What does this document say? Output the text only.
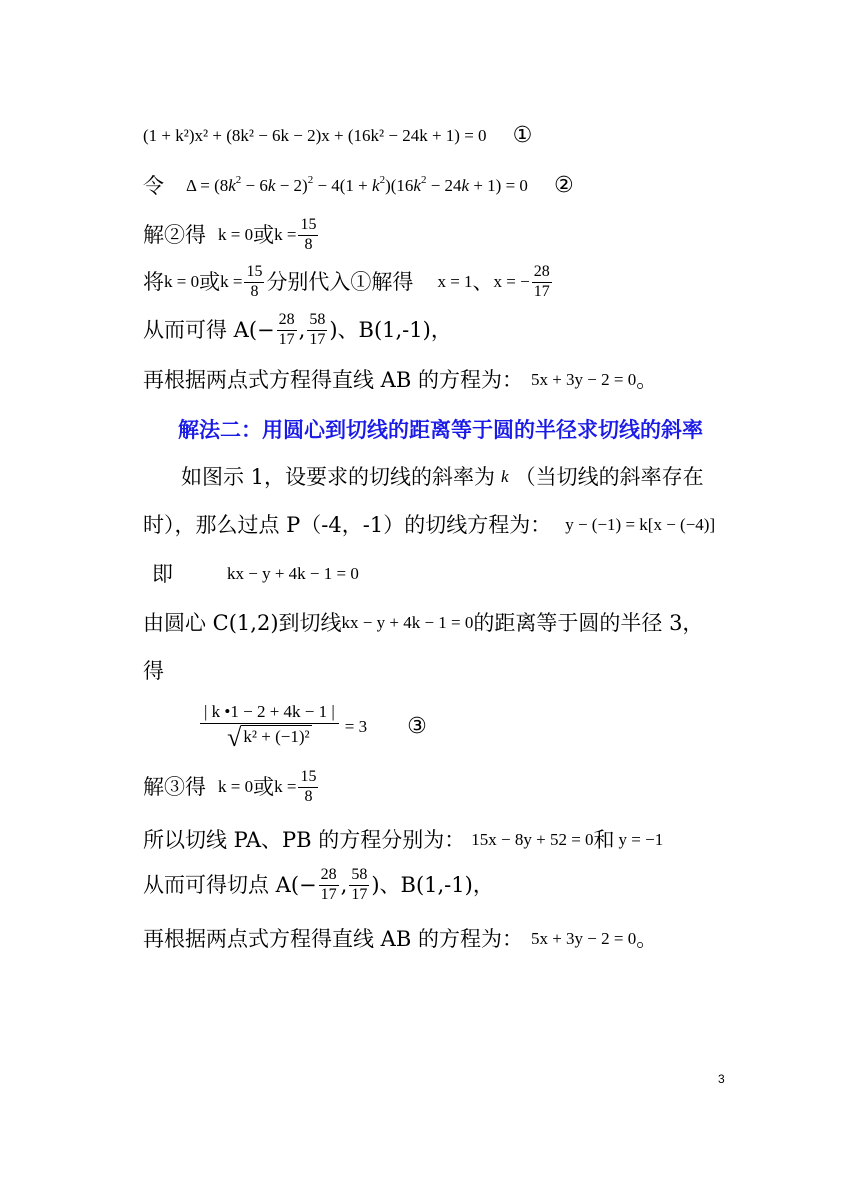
(1 + k²)x² + (8k² − 6k − 2)x + (16k² − 24k + 1) = 0 ①
令 $\Delta = (8k^2 - 6k - 2)^2 - 4(1 + k^2)(16k^2 - 24k + 1) = 0$ ②
解②得 k = 0 或 $k = \frac{15}{8}$
将 k = 0 或 $k = \frac{15}{8}$ 分别代入①解得 x = 1 、 x = − $\frac{28}{17}$
从而可得 $A(- \frac{28}{17}$ , $\frac{58}{17}$ )、B(1,-1)，
再根据两点式方程得直线 AB 的方程为： 5x + 3y − 2 = 0 。
解法二：用圆心到切线的距离等于圆的半径求切线的斜率
如图示 1，设要求的切线的斜率为 k （当切线的斜率存在
时），那么过点 P（-4，-1）的切线方程为： y − (−1) = k[x − (−4)]
即	kx − y + 4k − 1 = 0
由圆心 C(1,2)到切线 kx − y + 4k − 1 = 0 的距离等于圆的半径 3，
得
$\frac{| k •1 - 2 + 4k - 1 |}{\text{√ k² + (−1)²}} = 3$ ③
解③得 k = 0 或 $k = \frac{15}{8}$
所以切线 PA、PB 的方程分别为： 15x − 8y + 52 = 0 和 y = −1
从而可得切点 $A(- \frac{28}{17}$ , $\frac{58}{17}$ )、B(1,-1)，
再根据两点式方程得直线 AB 的方程为： 5x + 3y − 2 = 0 。
3
